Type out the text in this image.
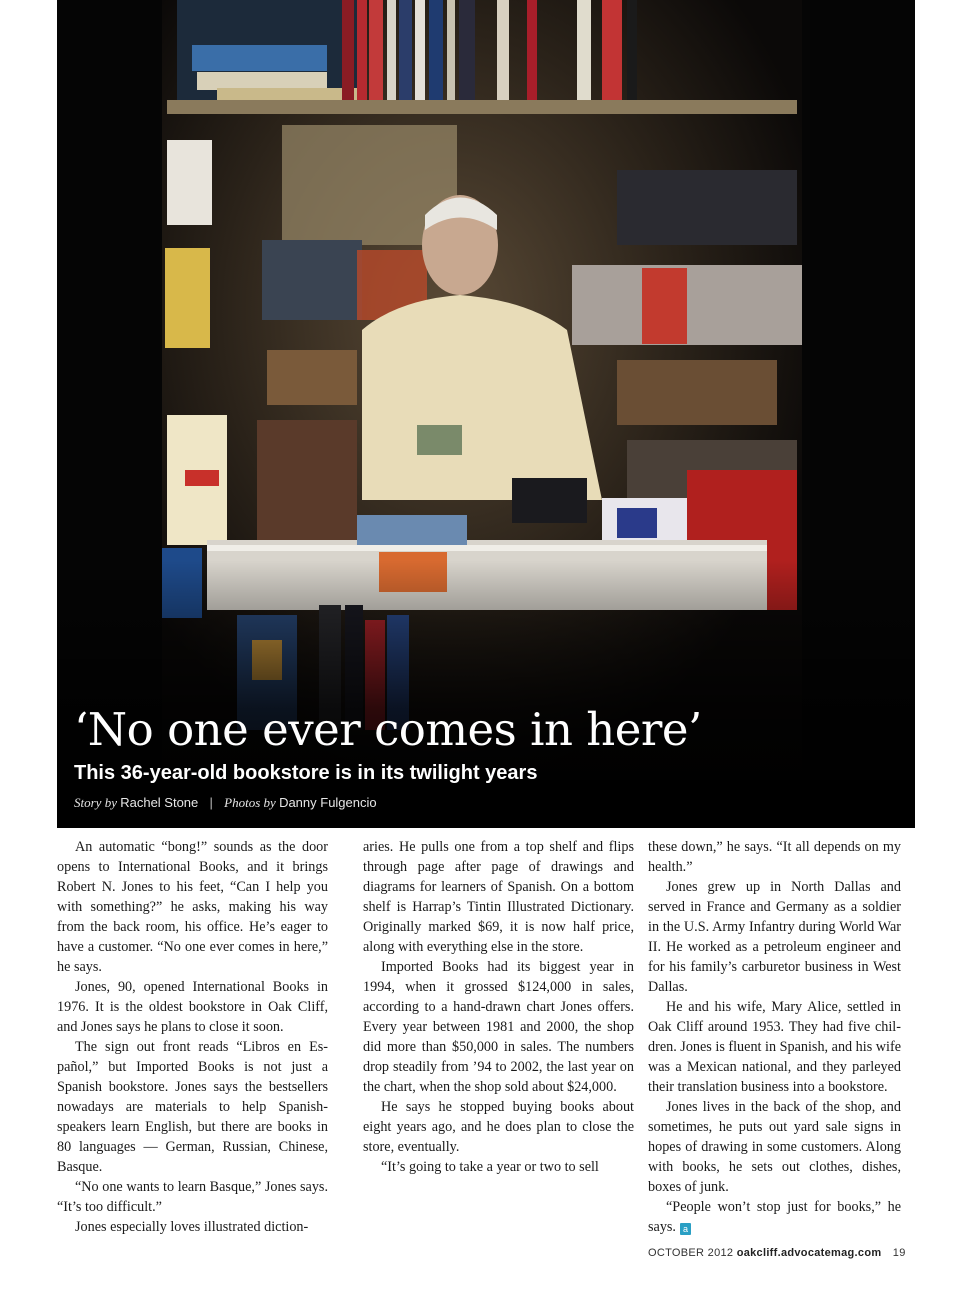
‘No one ever comes in here’
This 36-year-old bookstore is in its twilight years
Story by Rachel Stone | Photos by Danny Fulgencio

An automatic “bong!” sounds as the door opens to International Books, and it brings Robert N. Jones to his feet, “Can I help you with something?” he asks, making his way from the back room, his office. He’s eager to have a customer. “No one ever comes in here,” he says.

Jones, 90, opened International Books in 1976. It is the oldest bookstore in Oak Cliff, and Jones says he plans to close it soon.

The sign out front reads “Libros en Español,” but Imported Books is not just a Spanish bookstore. Jones says the bestsellers nowadays are materials to help Spanish-speakers learn English, but there are books in 80 languages — German, Russian, Chinese, Basque.

“No one wants to learn Basque,” Jones says. “It’s too difficult.”

Jones especially loves illustrated diction-

aries. He pulls one from a top shelf and flips through page after page of drawings and diagrams for learners of Spanish. On a bottom shelf is Harrap’s Tintin Illustrated Dictionary. Originally marked $69, it is now half price, along with everything else in the store.

Imported Books had its biggest year in 1994, when it grossed $124,000 in sales, according to a hand-drawn chart Jones offers. Every year between 1981 and 2000, the shop did more than $50,000 in sales. The numbers drop steadily from ’94 to 2002, the last year on the chart, when the shop sold about $24,000.

He says he stopped buying books about eight years ago, and he does plan to close the store, eventually.

“It’s going to take a year or two to sell

these down,” he says. “It all depends on my health.”

Jones grew up in North Dallas and served in France and Germany as a soldier in the U.S. Army Infantry during World War II. He worked as a petroleum engineer and for his family’s carburetor business in West Dallas.

He and his wife, Mary Alice, settled in Oak Cliff around 1953. They had five children. Jones is fluent in Spanish, and his wife was a Mexican national, and they parleyed their translation business into a bookstore.

Jones lives in the back of the shop, and sometimes, he puts out yard sale signs in hopes of drawing in some customers. Along with books, he sets out clothes, dishes, boxes of junk.

“People won’t stop just for books,” he says. a

OCTOBER 2012 oakcliff.advocatemag.com 19
